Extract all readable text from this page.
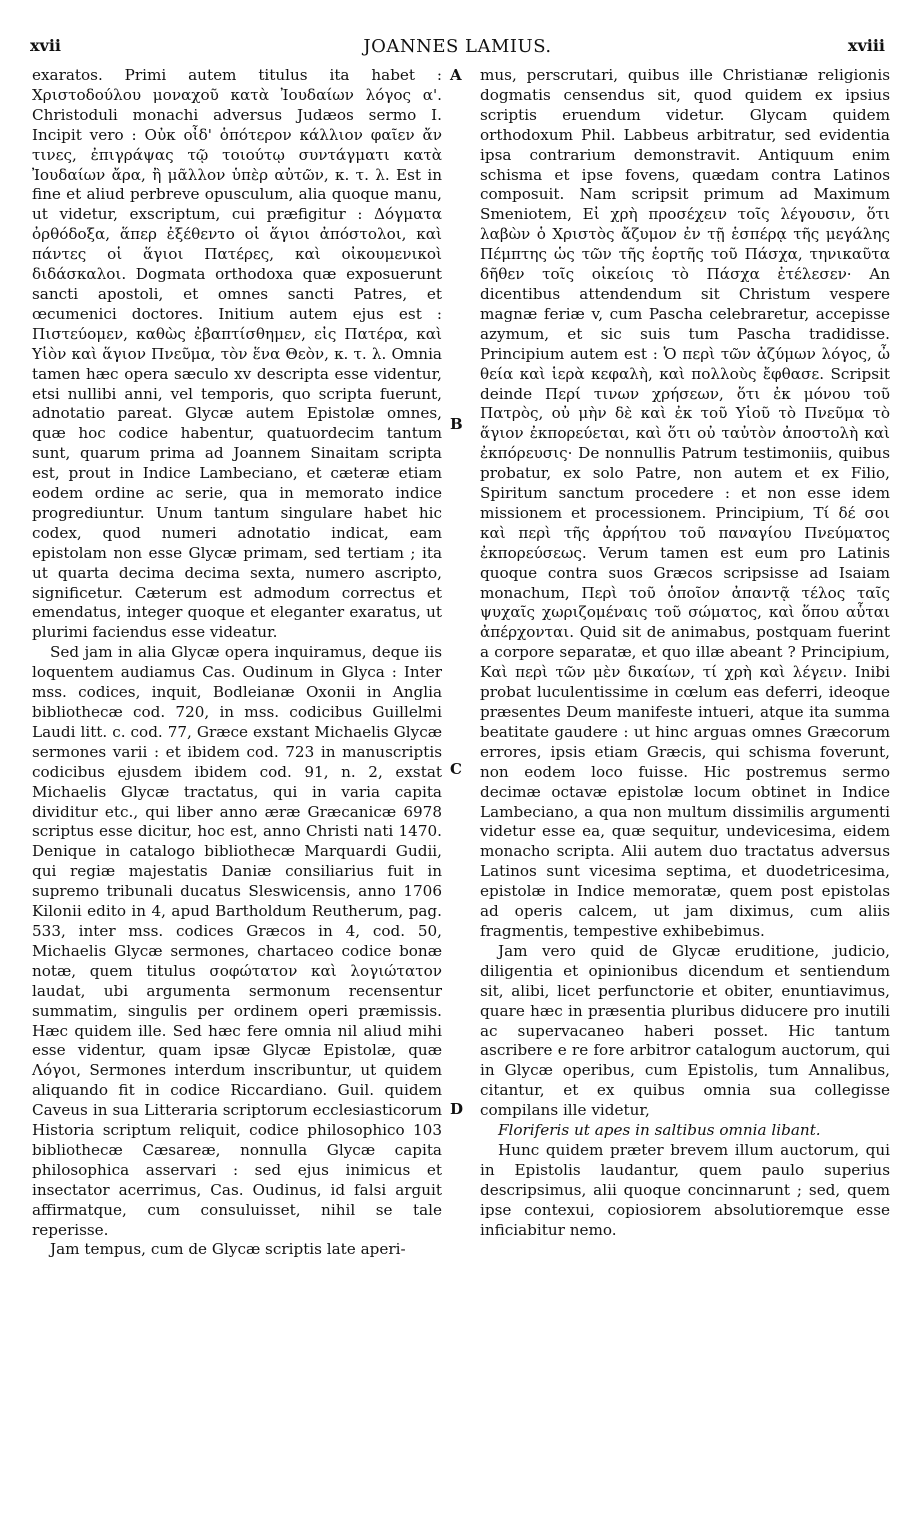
xvii	JOANNES LAMIUS.	xviii

exaratos. Primi autem titulus ita habet : Χριστοδούλου μοναχοῦ κατὰ Ἰουδαίων λόγος α'. Christoduli monachi adversus Judæos sermo I. Incipit vero : Οὐκ οἶδ' ὁπότερον κάλλιον φαῖεν ἄν τινες, ἐπιγράψας τῷ τοιούτῳ συντάγματι κατὰ Ἰουδαίων ἄρα, ἢ μᾶλλον ὑπὲρ αὐτῶν, κ. τ. λ. Est in fine et aliud perbreve opusculum, alia quoque manu, ut videtur, exscriptum, cui præfigitur : Δόγματα ὀρθόδοξα, ἅπερ ἐξέθεντο οἱ ἅγιοι ἀπόστολοι, καὶ πάντες οἱ ἅγιοι Πατέρες, καὶ οἰκουμενικοὶ διδάσκαλοι. Dogmata orthodoxa quæ exposuerunt sancti apostoli, et omnes sancti Patres, et œcumenici doctores. Initium autem ejus est : Πιστεύομεν, καθὼς ἐβαπτίσθημεν, εἰς Πατέρα, καὶ Υἱὸν καὶ ἅγιον Πνεῦμα, τὸν ἕνα Θεὸν, κ. τ. λ. Omnia tamen hæc opera sæculo xv descripta esse videntur, etsi nullibi anni, vel temporis, quo scripta fuerunt, adnotatio pareat. Glycæ autem Epistolæ omnes, quæ hoc codice habentur, quatuordecim tantum sunt, quarum prima ad Joannem Sinaitam scripta est, prout in Indice Lambeciano, et cæteræ etiam eodem ordine ac serie, qua in memorato indice progrediuntur. Unum tantum singulare habet hic codex, quod numeri adnotatio indicat, eam epistolam non esse Glycæ primam, sed tertiam ; ita ut quarta decima decima sexta, numero ascripto, significetur. Cæterum est admodum correctus et emendatus, integer quoque et eleganter exaratus, ut plurimi faciendus esse videatur.

Sed jam in alia Glycæ opera inquiramus, deque iis loquentem audiamus Cas. Oudinum in Glyca : Inter mss. codices, inquit, Bodleianæ Oxonii in Anglia bibliothecæ cod. 720, in mss. codicibus Guillelmi Laudi litt. c. cod. 77, Græce exstant Michaelis Glycæ sermones varii : et ibidem cod. 723 in manuscriptis codicibus ejusdem ibidem cod. 91, n. 2, exstat Michaelis Glycæ tractatus, qui in varia capita dividitur etc., qui liber anno æræ Græcanicæ 6978 scriptus esse dicitur, hoc est, anno Christi nati 1470. Denique in catalogo bibliothecæ Marquardi Gudii, qui regiæ majestatis Daniæ consiliarius fuit in supremo tribunali ducatus Sleswicensis, anno 1706 Kilonii edito in 4, apud Bartholdum Reutherum, pag. 533, inter mss. codices Græcos in 4, cod. 50, Michaelis Glycæ sermones, chartaceo codice bonæ notæ, quem titulus σοφώτατον καὶ λογιώτατον laudat, ubi argumenta sermonum recensentur summatim, singulis per ordinem operi præmissis. Hæc quidem ille. Sed hæc fere omnia nil aliud mihi esse videntur, quam ipsæ Glycæ Epistolæ, quæ Λόγοι, Sermones interdum inscribuntur, ut quidem aliquando fit in codice Riccardiano. Guil. quidem Caveus in sua Litteraria scriptorum ecclesiasticorum Historia scriptum reliquit, codice philosophico 103 bibliothecæ Cæsareæ, nonnulla Glycæ capita philosophica asservari : sed ejus inimicus et insectator acerrimus, Cas. Oudinus, id falsi arguit affirmatque, cum consuluisset, nihil se tale reperisse.

Jam tempus, cum de Glycæ scriptis late aperi-

A
B
C
D

mus, perscrutari, quibus ille Christianæ religionis dogmatis censendus sit, quod quidem ex ipsius scriptis eruendum videtur. Glycam quidem orthodoxum Phil. Labbeus arbitratur, sed evidentia ipsa contrarium demonstravit. Antiquum enim schisma et ipse fovens, quædam contra Latinos composuit. Nam scripsit primum ad Maximum Smeniotem, Εἰ χρὴ προσέχειν τοῖς λέγουσιν, ὅτι λαβὼν ὁ Χριστὸς ἄζυμον ἐν τῇ ἑσπέρᾳ τῆς μεγάλης Πέμπτης ὡς τῶν τῆς ἑορτῆς τοῦ Πάσχα, τηνικαῦτα δῆθεν τοῖς οἰκείοις τὸ Πάσχα ἐτέλεσεν· An dicentibus attendendum sit Christum vespere magnæ feriæ v, cum Pascha celebraretur, accepisse azymum, et sic suis tum Pascha tradidisse. Principium autem est : Ὁ περὶ τῶν ἀζύμων λόγος, ὦ θεία καὶ ἱερὰ κεφαλὴ, καὶ πολλοὺς ἔφθασε. Scripsit deinde Περί τινων χρήσεων, ὅτι ἐκ μόνου τοῦ Πατρὸς, οὐ μὴν δὲ καὶ ἐκ τοῦ Υἱοῦ τὸ Πνεῦμα τὸ ἅγιον ἐκπορεύεται, καὶ ὅτι οὐ ταὐτὸν ἀποστολὴ καὶ ἐκπόρευσις· De nonnullis Patrum testimoniis, quibus probatur, ex solo Patre, non autem et ex Filio, Spiritum sanctum procedere : et non esse idem missionem et processionem. Principium, Τί δέ σοι καὶ περὶ τῆς ἀρρήτου τοῦ παναγίου Πνεύματος ἐκπορεύσεως. Verum tamen est eum pro Latinis quoque contra suos Græcos scripsisse ad Isaiam monachum, Περὶ τοῦ ὁποῖον ἀπαντᾷ τέλος ταῖς ψυχαῖς χωριζομέναις τοῦ σώματος, καὶ ὅπου αὗται ἀπέρχονται. Quid sit de animabus, postquam fuerint a corpore separatæ, et quo illæ abeant ? Principium, Καὶ περὶ τῶν μὲν δικαίων, τί χρὴ καὶ λέγειν. Inibi probat luculentissime in cœlum eas deferri, ideoque præsentes Deum manifeste intueri, atque ita summa beatitate gaudere : ut hinc arguas omnes Græcorum errores, ipsis etiam Græcis, qui schisma foverunt, non eodem loco fuisse. Hic postremus sermo decimæ octavæ epistolæ locum obtinet in Indice Lambeciano, a qua non multum dissimilis argumenti videtur esse ea, quæ sequitur, undevicesima, eidem monacho scripta. Alii autem duo tractatus adversus Latinos sunt vicesima septima, et duodetricesima, epistolæ in Indice memoratæ, quem post epistolas ad operis calcem, ut jam diximus, cum aliis fragmentis, tempestive exhibebimus.

Jam vero quid de Glycæ eruditione, judicio, diligentia et opinionibus dicendum et sentiendum sit, alibi, licet perfunctorie et obiter, enuntiavimus, quare hæc in præsentia pluribus diducere pro inutili ac supervacaneo haberi posset. Hic tantum ascribere e re fore arbitror catalogum auctorum, qui in Glycæ operibus, cum Epistolis, tum Annalibus, citantur, et ex quibus omnia sua collegisse compilans ille videtur,

Floriferis ut apes in saltibus omnia libant.

Hunc quidem præter brevem illum auctorum, qui in Epistolis laudantur, quem paulo superius descripsimus, alii quoque concinnarunt ; sed, quem ipse contexui, copiosiorem absolutioremque esse inficiabitur nemo.
